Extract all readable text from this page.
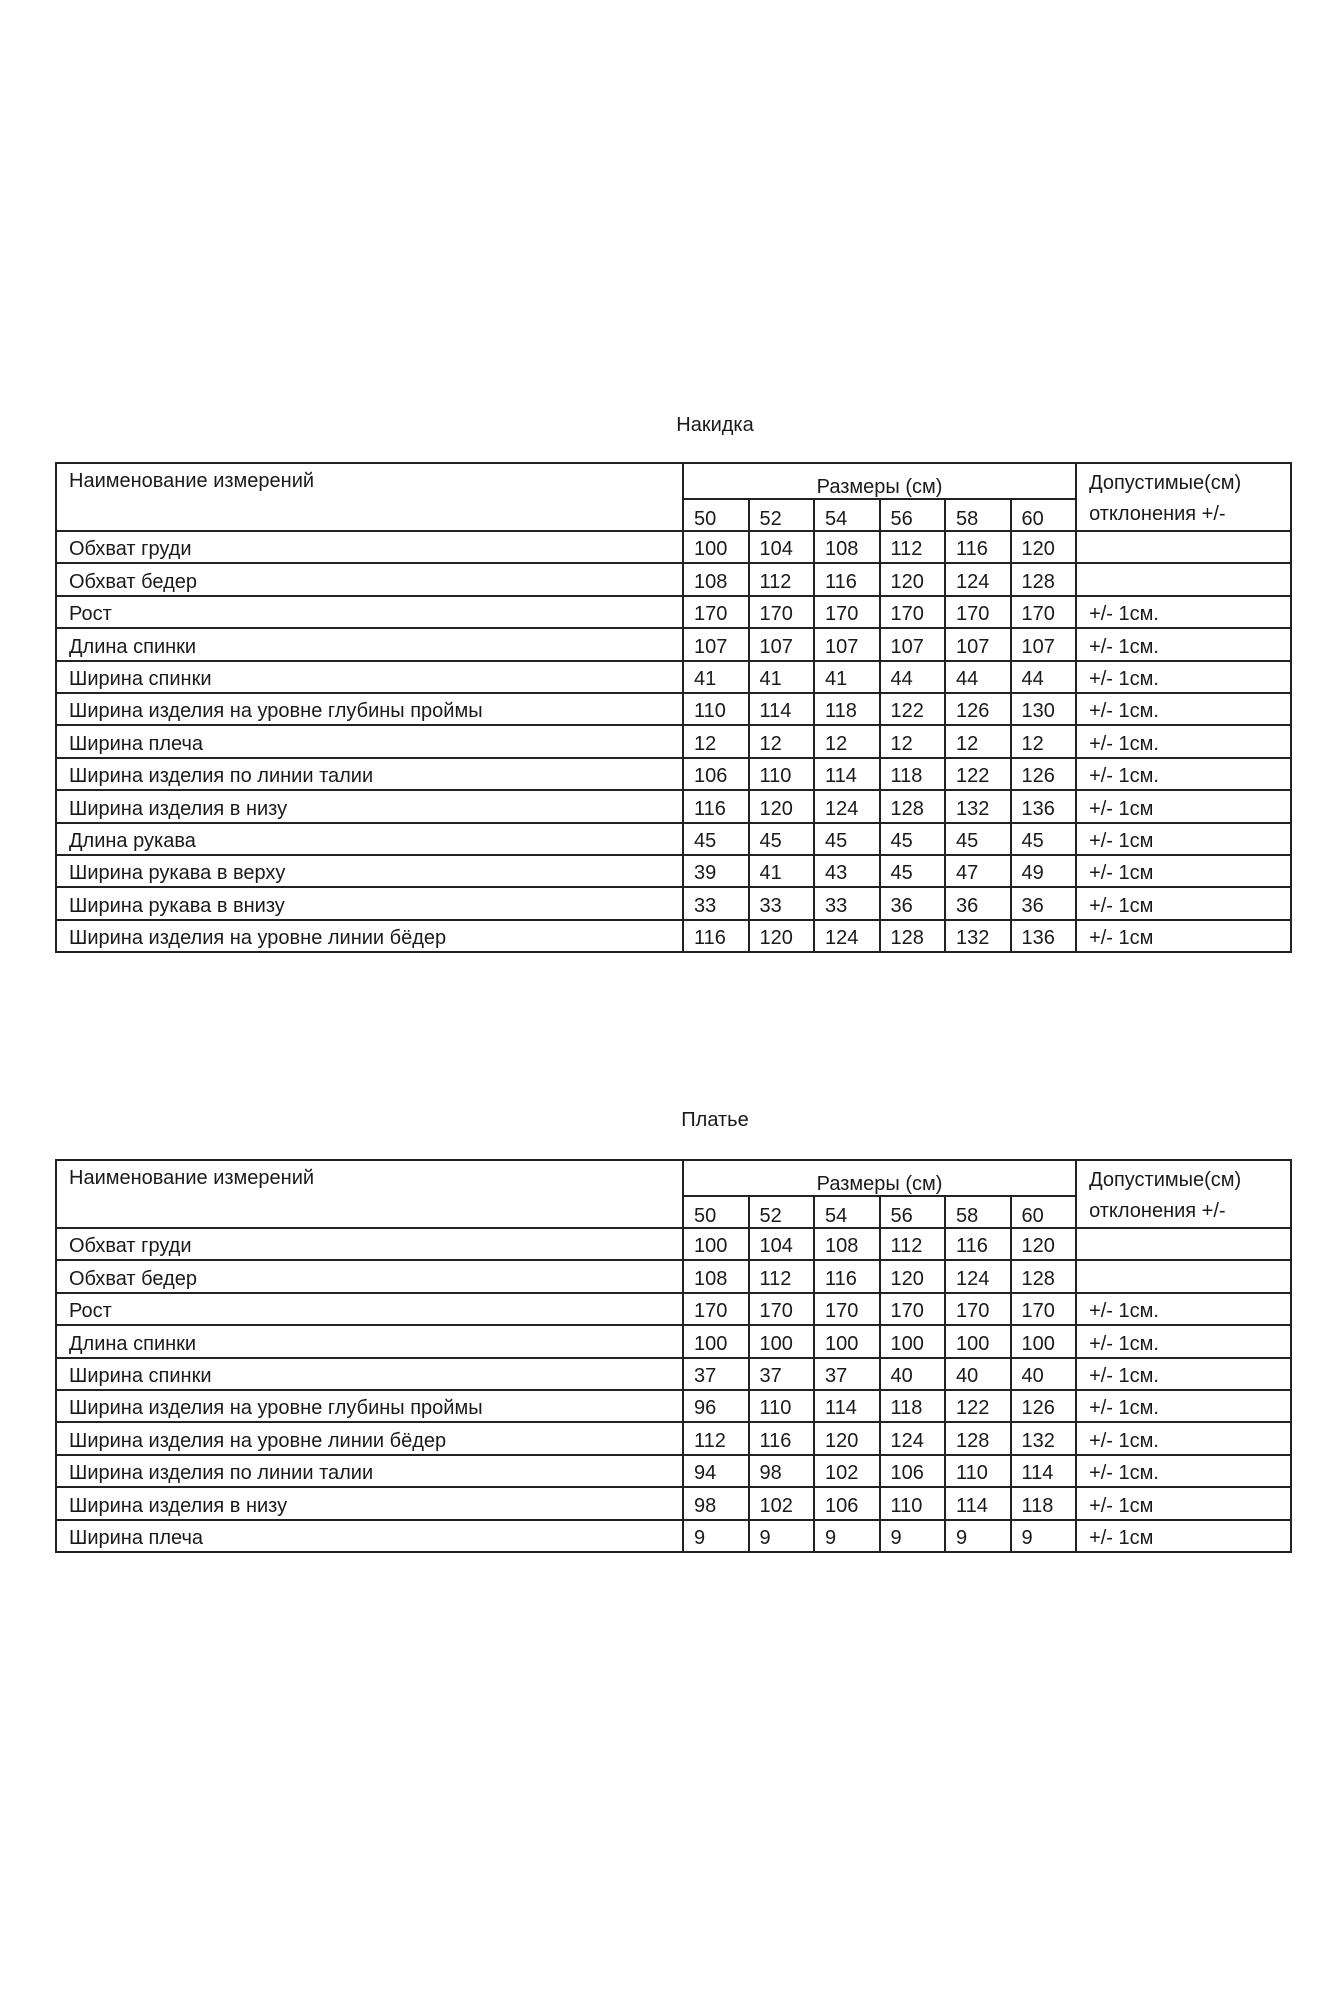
Накидка
Наименование измерений	Размеры (см)						Допустимые(см) отклонения +/-
	50	52	54	56	58	60	
Обхват груди	100	104	108	112	116	120	
Обхват бедер	108	112	116	120	124	128	
Рост	170	170	170	170	170	170	+/- 1см.
Длина спинки	107	107	107	107	107	107	+/- 1см.
Ширина спинки	41	41	41	44	44	44	+/- 1см.
Ширина изделия на уровне глубины проймы	110	114	118	122	126	130	+/- 1см.
Ширина плеча	12	12	12	12	12	12	+/- 1см.
Ширина изделия по линии талии	106	110	114	118	122	126	+/- 1см.
Ширина изделия в низу	116	120	124	128	132	136	+/- 1см
Длина рукава	45	45	45	45	45	45	+/- 1см
Ширина рукава в верху	39	41	43	45	47	49	+/- 1см
Ширина рукава в внизу	33	33	33	36	36	36	+/- 1см
Ширина изделия на уровне линии бёдер	116	120	124	128	132	136	+/- 1см
Платье
Наименование измерений	Размеры (см)						Допустимые(см) отклонения +/-
	50	52	54	56	58	60	
Обхват груди	100	104	108	112	116	120	
Обхват бедер	108	112	116	120	124	128	
Рост	170	170	170	170	170	170	+/- 1см.
Длина спинки	100	100	100	100	100	100	+/- 1см.
Ширина спинки	37	37	37	40	40	40	+/- 1см.
Ширина изделия на уровне глубины проймы	96	110	114	118	122	126	+/- 1см.
Ширина изделия на уровне линии бёдер	112	116	120	124	128	132	+/- 1см.
Ширина изделия по линии талии	94	98	102	106	110	114	+/- 1см.
Ширина изделия в низу	98	102	106	110	114	118	+/- 1см
Ширина плеча	9	9	9	9	9	9	+/- 1см
